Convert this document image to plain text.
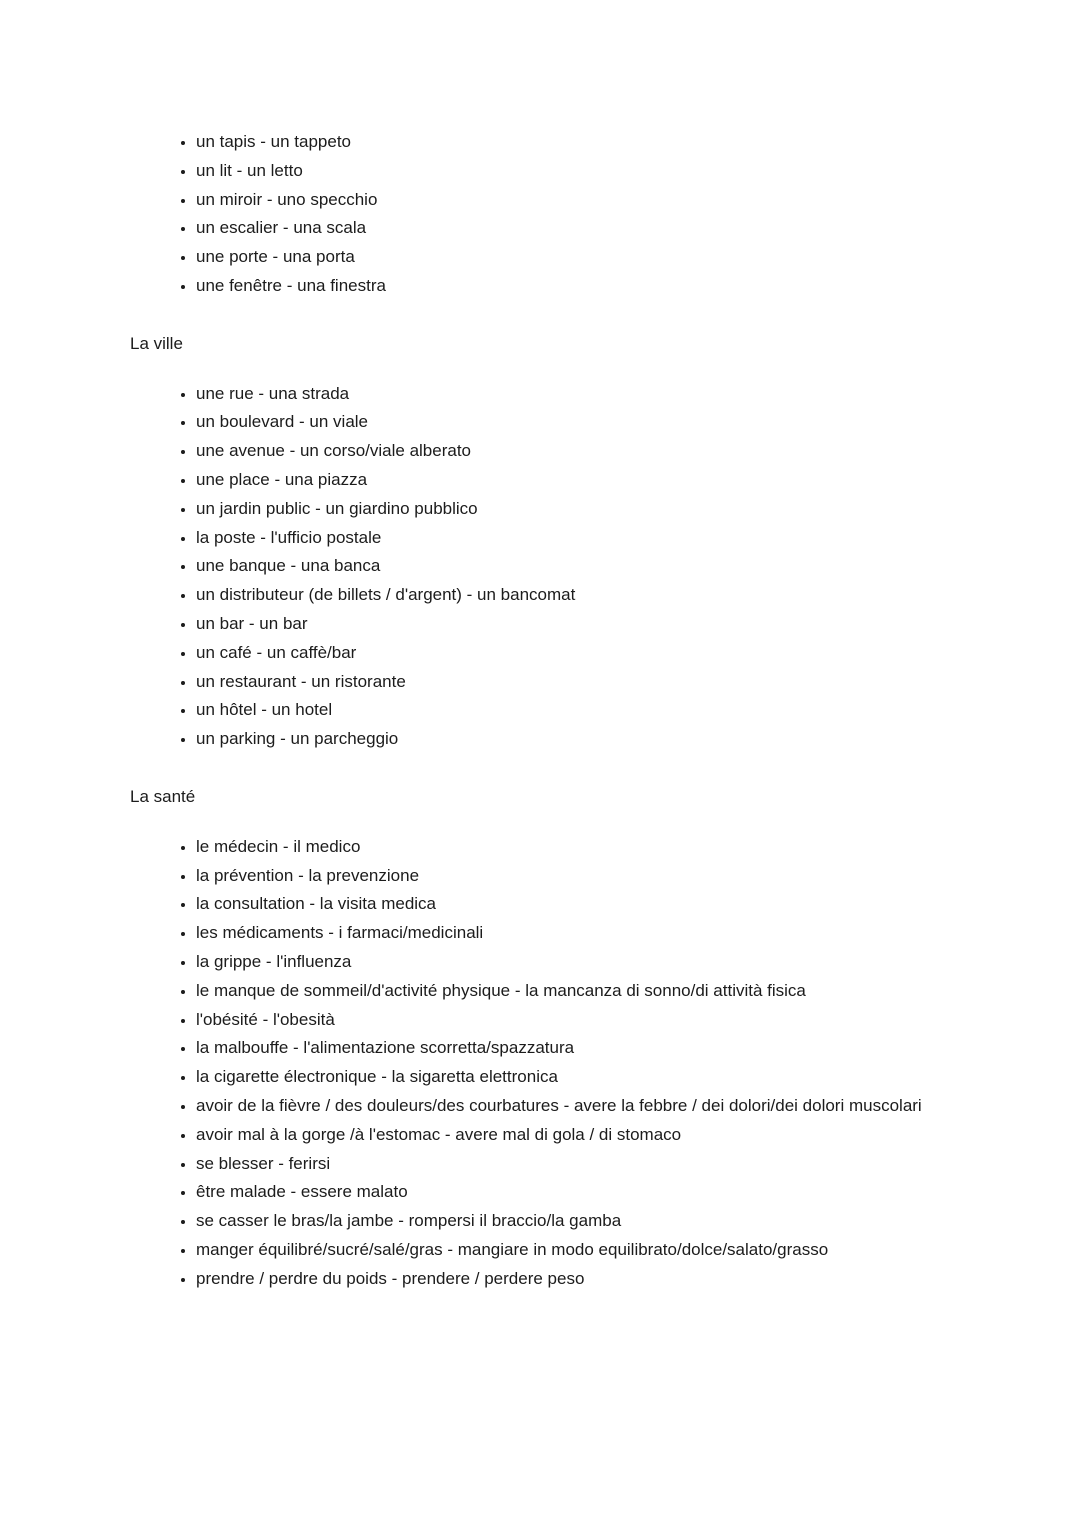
• un tapis - un tappeto
• un lit - un letto
• un miroir - uno specchio
• un escalier - una scala
• une porte - una porta
• une fenêtre - una finestra
La ville
• une rue - una strada
• un boulevard - un viale
• une avenue - un corso/viale alberato
• une place - una piazza
• un jardin public - un giardino pubblico
• la poste - l'ufficio postale
• une banque - una banca
• un distributeur (de billets / d'argent) - un bancomat
• un bar - un bar
• un café - un caffè/bar
• un restaurant - un ristorante
• un hôtel - un hotel
• un parking - un parcheggio
La santé
• le médecin - il medico
• la prévention - la prevenzione
• la consultation - la visita medica
• les médicaments - i farmaci/medicinali
• la grippe - l'influenza
• le manque de sommeil/d'activité physique - la mancanza di sonno/di attività fisica
• l'obésité - l'obesità
• la malbouffe - l'alimentazione scorretta/spazzatura
• la cigarette électronique - la sigaretta elettronica
• avoir de la fièvre / des douleurs/des courbatures - avere la febbre / dei dolori/dei dolori muscolari
• avoir mal à la gorge /à l'estomac - avere mal di gola / di stomaco
• se blesser - ferirsi
• être malade - essere malato
• se casser le bras/la jambe - rompersi il braccio/la gamba
• manger équilibré/sucré/salé/gras - mangiare in modo equilibrato/dolce/salato/grasso
• prendre / perdre du poids - prendere / perdere peso
